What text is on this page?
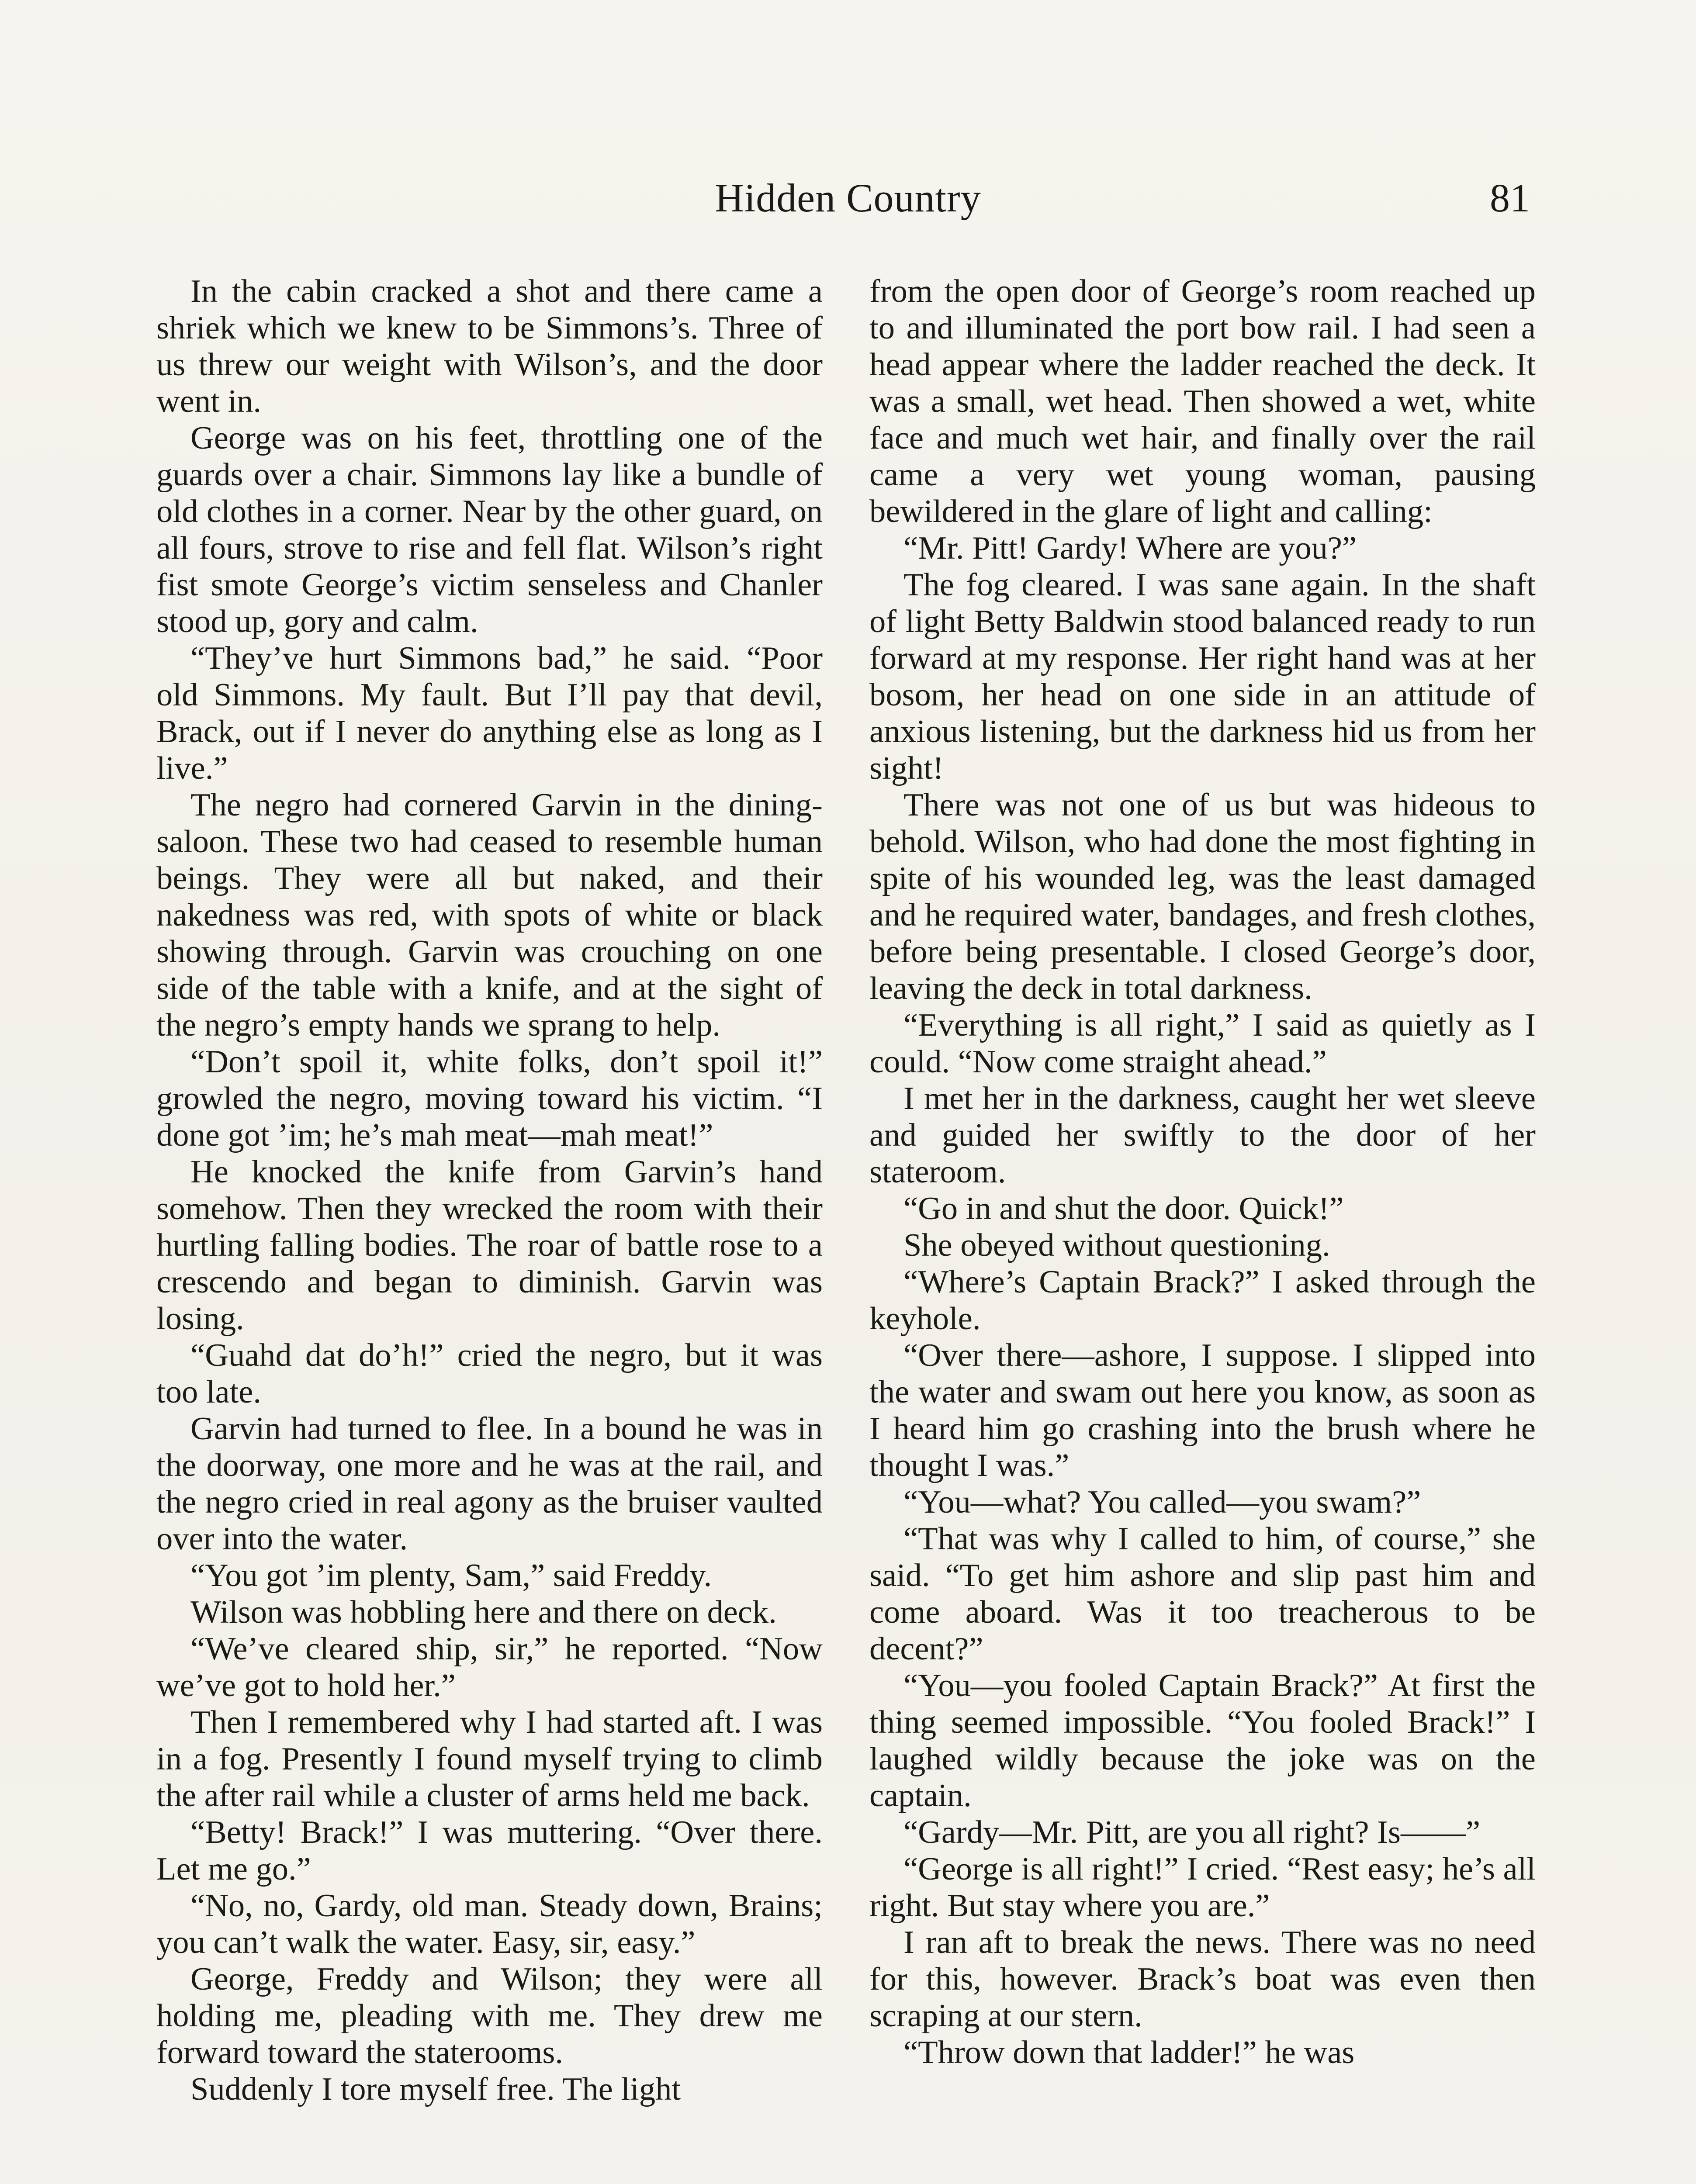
Hidden Country	81

In the cabin cracked a shot and there came a shriek which we knew to be Simmons’s. Three of us threw our weight with Wilson’s, and the door went in.

George was on his feet, throttling one of the guards over a chair. Simmons lay like a bundle of old clothes in a corner. Near by the other guard, on all fours, strove to rise and fell flat. Wilson’s right fist smote George’s victim senseless and Chanler stood up, gory and calm.

“They’ve hurt Simmons bad,” he said. “Poor old Simmons. My fault. But I’ll pay that devil, Brack, out if I never do anything else as long as I live.”

The negro had cornered Garvin in the dining-saloon. These two had ceased to resemble human beings. They were all but naked, and their nakedness was red, with spots of white or black showing through. Garvin was crouching on one side of the table with a knife, and at the sight of the negro’s empty hands we sprang to help.

“Don’t spoil it, white folks, don’t spoil it!” growled the negro, moving toward his victim. “I done got ’im; he’s mah meat—mah meat!”

He knocked the knife from Garvin’s hand somehow. Then they wrecked the room with their hurtling falling bodies. The roar of battle rose to a crescendo and began to diminish. Garvin was losing.

“Guahd dat do’h!” cried the negro, but it was too late.

Garvin had turned to flee. In a bound he was in the doorway, one more and he was at the rail, and the negro cried in real agony as the bruiser vaulted over into the water.

“You got ’im plenty, Sam,” said Freddy.

Wilson was hobbling here and there on deck.

“We’ve cleared ship, sir,” he reported. “Now we’ve got to hold her.”

Then I remembered why I had started aft. I was in a fog. Presently I found myself trying to climb the after rail while a cluster of arms held me back.

“Betty! Brack!” I was muttering. “Over there. Let me go.”

“No, no, Gardy, old man. Steady down, Brains; you can’t walk the water. Easy, sir, easy.”

George, Freddy and Wilson; they were all holding me, pleading with me. They drew me forward toward the staterooms.

Suddenly I tore myself free. The light

from the open door of George’s room reached up to and illuminated the port bow rail. I had seen a head appear where the ladder reached the deck. It was a small, wet head. Then showed a wet, white face and much wet hair, and finally over the rail came a very wet young woman, pausing bewildered in the glare of light and calling:

“Mr. Pitt! Gardy! Where are you?”

The fog cleared. I was sane again. In the shaft of light Betty Baldwin stood balanced ready to run forward at my response. Her right hand was at her bosom, her head on one side in an attitude of anxious listening, but the darkness hid us from her sight!

There was not one of us but was hideous to behold. Wilson, who had done the most fighting in spite of his wounded leg, was the least damaged and he required water, bandages, and fresh clothes, before being presentable. I closed George’s door, leaving the deck in total darkness.

“Everything is all right,” I said as quietly as I could. “Now come straight ahead.”

I met her in the darkness, caught her wet sleeve and guided her swiftly to the door of her stateroom.

“Go in and shut the door. Quick!”

She obeyed without questioning.

“Where’s Captain Brack?” I asked through the keyhole.

“Over there—ashore, I suppose. I slipped into the water and swam out here you know, as soon as I heard him go crashing into the brush where he thought I was.”

“You—what? You called—you swam?”

“That was why I called to him, of course,” she said. “To get him ashore and slip past him and come aboard. Was it too treacherous to be decent?”

“You—you fooled Captain Brack?” At first the thing seemed impossible. “You fooled Brack!” I laughed wildly because the joke was on the captain.

“Gardy—Mr. Pitt, are you all right? Is——”

“George is all right!” I cried. “Rest easy; he’s all right. But stay where you are.”

I ran aft to break the news. There was no need for this, however. Brack’s boat was even then scraping at our stern.

“Throw down that ladder!” he was
